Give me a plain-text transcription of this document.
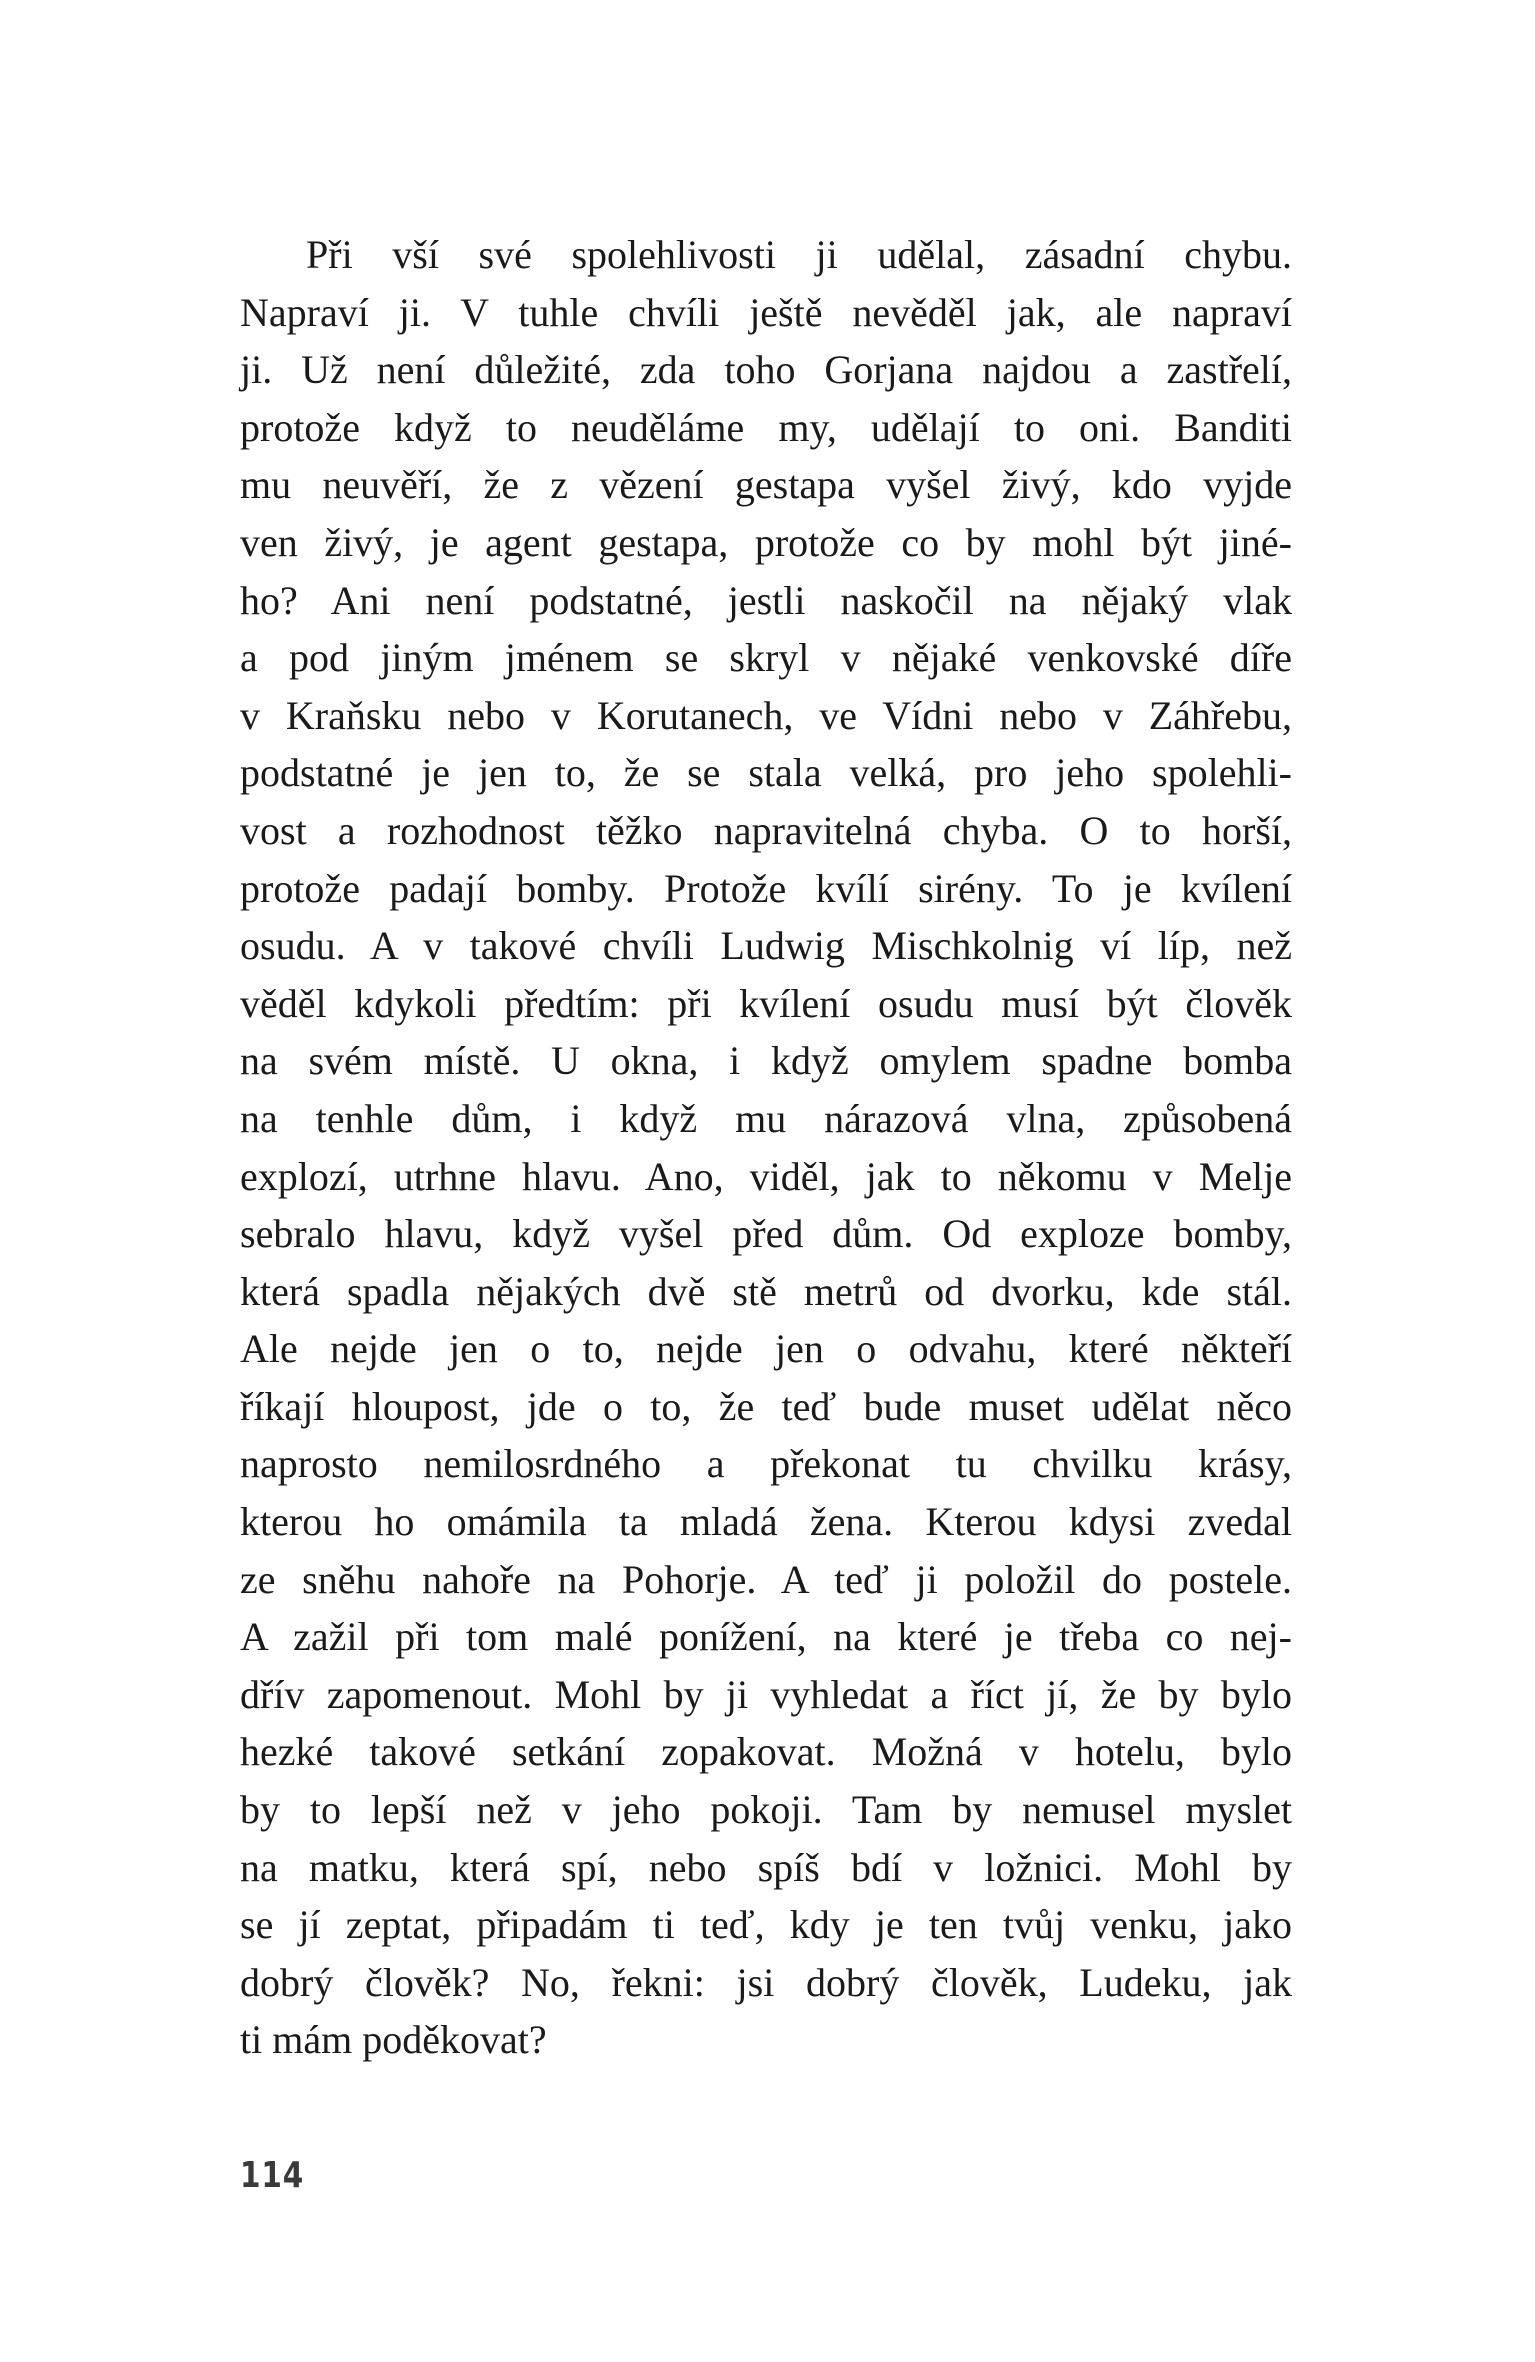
Při vší své spolehlivosti ji udělal, zásadní chybu.
Napraví ji. V tuhle chvíli ještě nevěděl jak, ale napraví
ji. Už není důležité, zda toho Gorjana najdou a zastřelí,
protože když to neuděláme my, udělají to oni. Banditi
mu neuvěří, že z vězení gestapa vyšel živý, kdo vyjde
ven živý, je agent gestapa, protože co by mohl být jiné-
ho? Ani není podstatné, jestli naskočil na nějaký vlak
a pod jiným jménem se skryl v nějaké venkovské díře
v Kraňsku nebo v Korutanech, ve Vídni nebo v Záhřebu,
podstatné je jen to, že se stala velká, pro jeho spolehli-
vost a rozhodnost těžko napravitelná chyba. O to horší,
protože padají bomby. Protože kvílí sirény. To je kvílení
osudu. A v takové chvíli Ludwig Mischkolnig ví líp, než
věděl kdykoli předtím: při kvílení osudu musí být člověk
na svém místě. U okna, i když omylem spadne bomba
na tenhle dům, i když mu nárazová vlna, způsobená
explozí, utrhne hlavu. Ano, viděl, jak to někomu v Melje
sebralo hlavu, když vyšel před dům. Od exploze bomby,
která spadla nějakých dvě stě metrů od dvorku, kde stál.
Ale nejde jen o to, nejde jen o odvahu, které někteří
říkají hloupost, jde o to, že teď bude muset udělat něco
naprosto nemilosrdného a překonat tu chvilku krásy,
kterou ho omámila ta mladá žena. Kterou kdysi zvedal
ze sněhu nahoře na Pohorje. A teď ji položil do postele.
A zažil při tom malé ponížení, na které je třeba co nej-
dřív zapomenout. Mohl by ji vyhledat a říct jí, že by bylo
hezké takové setkání zopakovat. Možná v hotelu, bylo
by to lepší než v jeho pokoji. Tam by nemusel myslet
na matku, která spí, nebo spíš bdí v ložnici. Mohl by
se jí zeptat, připadám ti teď, kdy je ten tvůj venku, jako
dobrý člověk? No, řekni: jsi dobrý člověk, Ludeku, jak
ti mám poděkovat?
114
